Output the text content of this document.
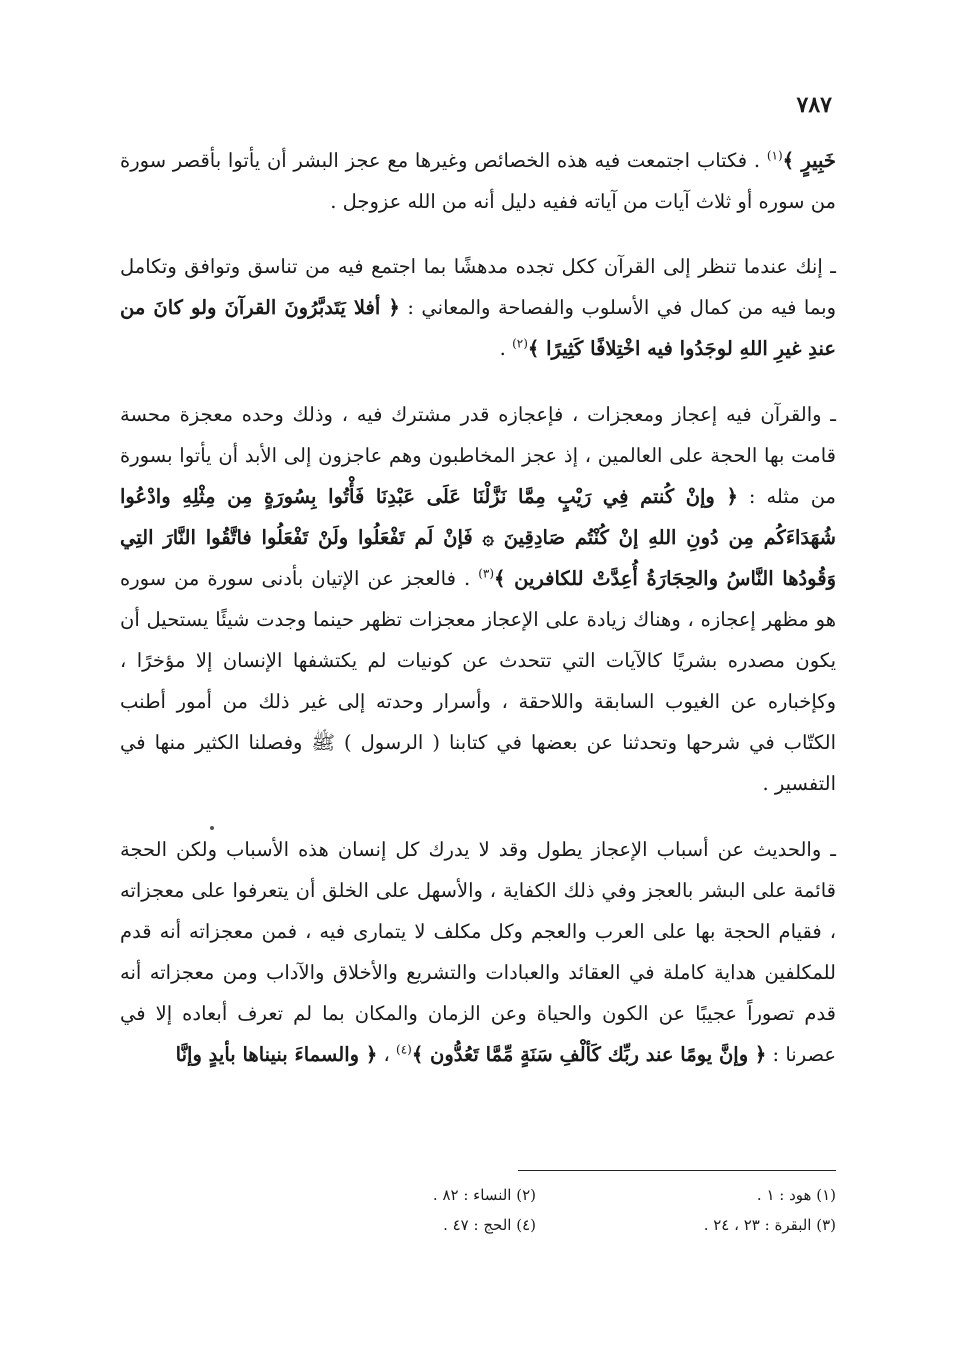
٧٨٧

خَبِيرٍ ﴾$^{(١)}$ . فكتاب اجتمعت فيه هذه الخصائص وغيرها مع عجز البشر أن يأتوا بأقصر سورة من سوره أو ثلاث آيات من آياته ففيه دليل أنه من الله عزوجل .

ـ إنك عندما تنظر إلى القرآن ككل تجده مدهشًا بما اجتمع فيه من تناسق وتوافق وتكامل وبما فيه من كمال في الأسلوب والفصاحة والمعاني : ﴿ أفلا يَتَدبَّرُونَ القرآنَ ولو كانَ من عندِ غيرِ اللهِ لوجَدُوا فيه اخْتِلافًا كَثِيرًا ﴾$^{(٢)}$ .

ـ والقرآن فيه إعجاز ومعجزات ، فإعجازه قدر مشترك فيه ، وذلك وحده معجزة محسة قامت بها الحجة على العالمين ، إذ عجز المخاطبون وهم عاجزون إلى الأبد أن يأتوا بسورة من مثله : ﴿ وإنْ كُنتم فِي رَيْبٍ مِمَّا نَزَّلْنَا عَلَى عَبْدِنَا فَأْتُوا بِسُورَةٍ مِن مِثْلِهِ وادْعُوا شُهَدَاءَكُم مِن دُونِ اللهِ إنْ كُنْتُم صَادِقِينَ ۞ فَإنْ لَم تَفْعَلُوا ولَنْ تَفْعَلُوا فاتَّقُوا النَّارَ التِي وَقُودُها النَّاسُ والحِجَارَةُ أُعِدَّتْ للكافرين ﴾$^{(٣)}$ . فالعجز عن الإتيان بأدنى سورة من سوره هو مظهر إعجازه ، وهناك زيادة على الإعجاز معجزات تظهر حينما وجدت شيئًا يستحيل أن يكون مصدره بشريًا كالآيات التي تتحدث عن كونيات لم يكتشفها الإنسان إلا مؤخرًا ، وكإخباره عن الغيوب السابقة واللاحقة ، وأسرار وحدته إلى غير ذلك من أمور أطنب الكتّاب في شرحها وتحدثنا عن بعضها في كتابنا ( الرسول ) ﷺ وفصلنا الكثير منها في التفسير .

ـ والحديث عن أسباب الإعجاز يطول وقد لا يدرك كل إنسان هذه الأسباب ولكن الحجة قائمة على البشر بالعجز وفي ذلك الكفاية ، والأسهل على الخلق أن يتعرفوا على معجزاته ، فقيام الحجة بها على العرب والعجم وكل مكلف لا يتمارى فيه ، فمن معجزاته أنه قدم للمكلفين هداية كاملة في العقائد والعبادات والتشريع والأخلاق والآداب ومن معجزاته أنه قدم تصوراً عجيبًا عن الكون والحياة وعن الزمان والمكان بما لم تعرف أبعاده إلا في عصرنا : ﴿ وإنَّ يومًا عند ربِّك كَألْفِ سَنَةٍ مِّمَّا تَعُدُّون ﴾$^{(٤)}$ ، ﴿ والسماءَ بنيناها بأيدٍ وإنَّا

(١) هود : ١ .
(٢) النساء : ٨٢ .
(٣) البقرة : ٢٣ ، ٢٤ .
(٤) الحج : ٤٧ .
